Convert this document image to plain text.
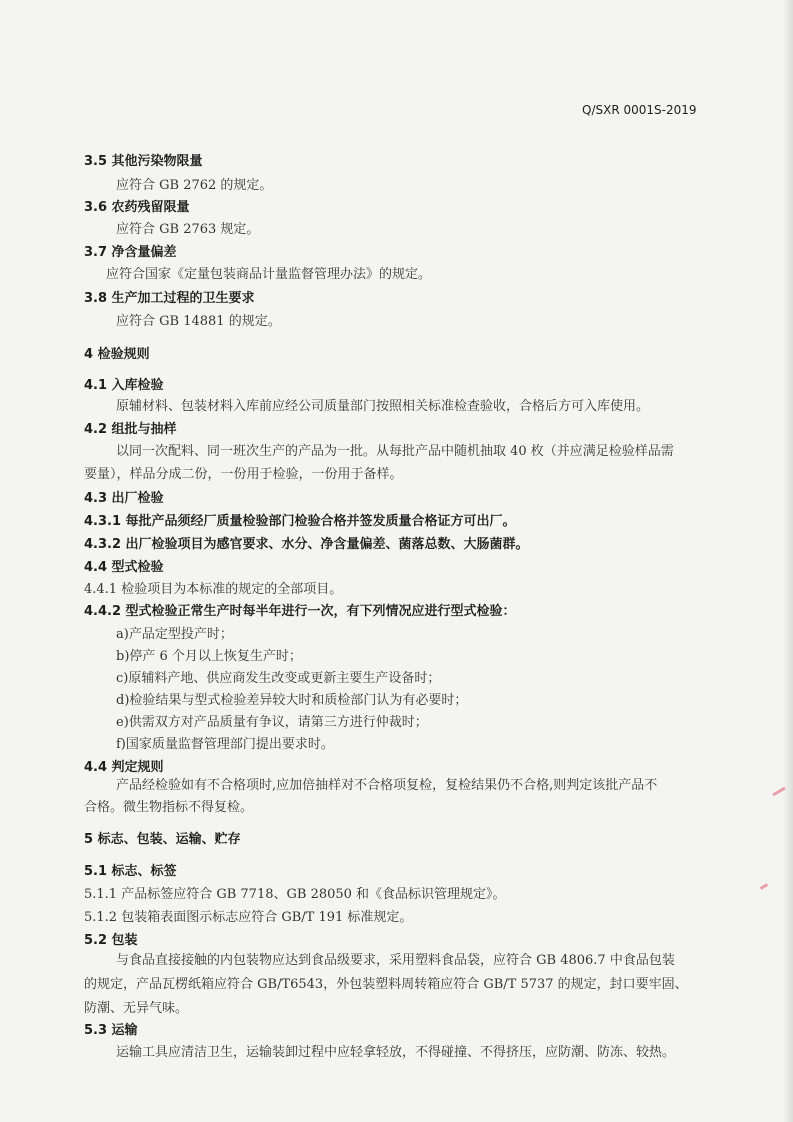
Q/SXR 0001S-2019
3.5 其他污染物限量
应符合 GB 2762 的规定。
3.6 农药残留限量
应符合 GB 2763 规定。
3.7 净含量偏差
应符合国家《定量包装商品计量监督管理办法》的规定。
3.8 生产加工过程的卫生要求
应符合 GB 14881 的规定。
4 检验规则
4.1 入库检验
原辅材料、包装材料入库前应经公司质量部门按照相关标准检查验收，合格后方可入库使用。
4.2 组批与抽样
以同一次配料、同一班次生产的产品为一批。从每批产品中随机抽取 40 枚（并应满足检验样品需
要量），样品分成二份，一份用于检验，一份用于备样。
4.3 出厂检验
4.3.1 每批产品须经厂质量检验部门检验合格并签发质量合格证方可出厂。
4.3.2 出厂检验项目为感官要求、水分、净含量偏差、菌落总数、大肠菌群。
4.4 型式检验
4.4.1 检验项目为本标准的规定的全部项目。
4.4.2 型式检验正常生产时每半年进行一次，有下列情况应进行型式检验：
a)产品定型投产时；
b)停产 6 个月以上恢复生产时；
c)原辅料产地、供应商发生改变或更新主要生产设备时；
d)检验结果与型式检验差异较大时和质检部门认为有必要时；
e)供需双方对产品质量有争议，请第三方进行仲裁时；
f)国家质量监督管理部门提出要求时。
4.4 判定规则
产品经检验如有不合格项时,应加倍抽样对不合格项复检，复检结果仍不合格,则判定该批产品不
合格。微生物指标不得复检。
5 标志、包装、运输、贮存
5.1 标志、标签
5.1.1 产品标签应符合 GB 7718、GB 28050 和《食品标识管理规定》。
5.1.2 包装箱表面图示标志应符合 GB/T 191 标准规定。
5.2 包装
与食品直接接触的内包装物应达到食品级要求，采用塑料食品袋，应符合 GB 4806.7 中食品包装
的规定，产品瓦楞纸箱应符合 GB/T6543，外包装塑料周转箱应符合 GB/T 5737 的规定，封口要牢固、
防潮、无异气味。
5.3 运输
运输工具应清洁卫生，运输装卸过程中应轻拿轻放，不得碰撞、不得挤压，应防潮、防冻、较热。
